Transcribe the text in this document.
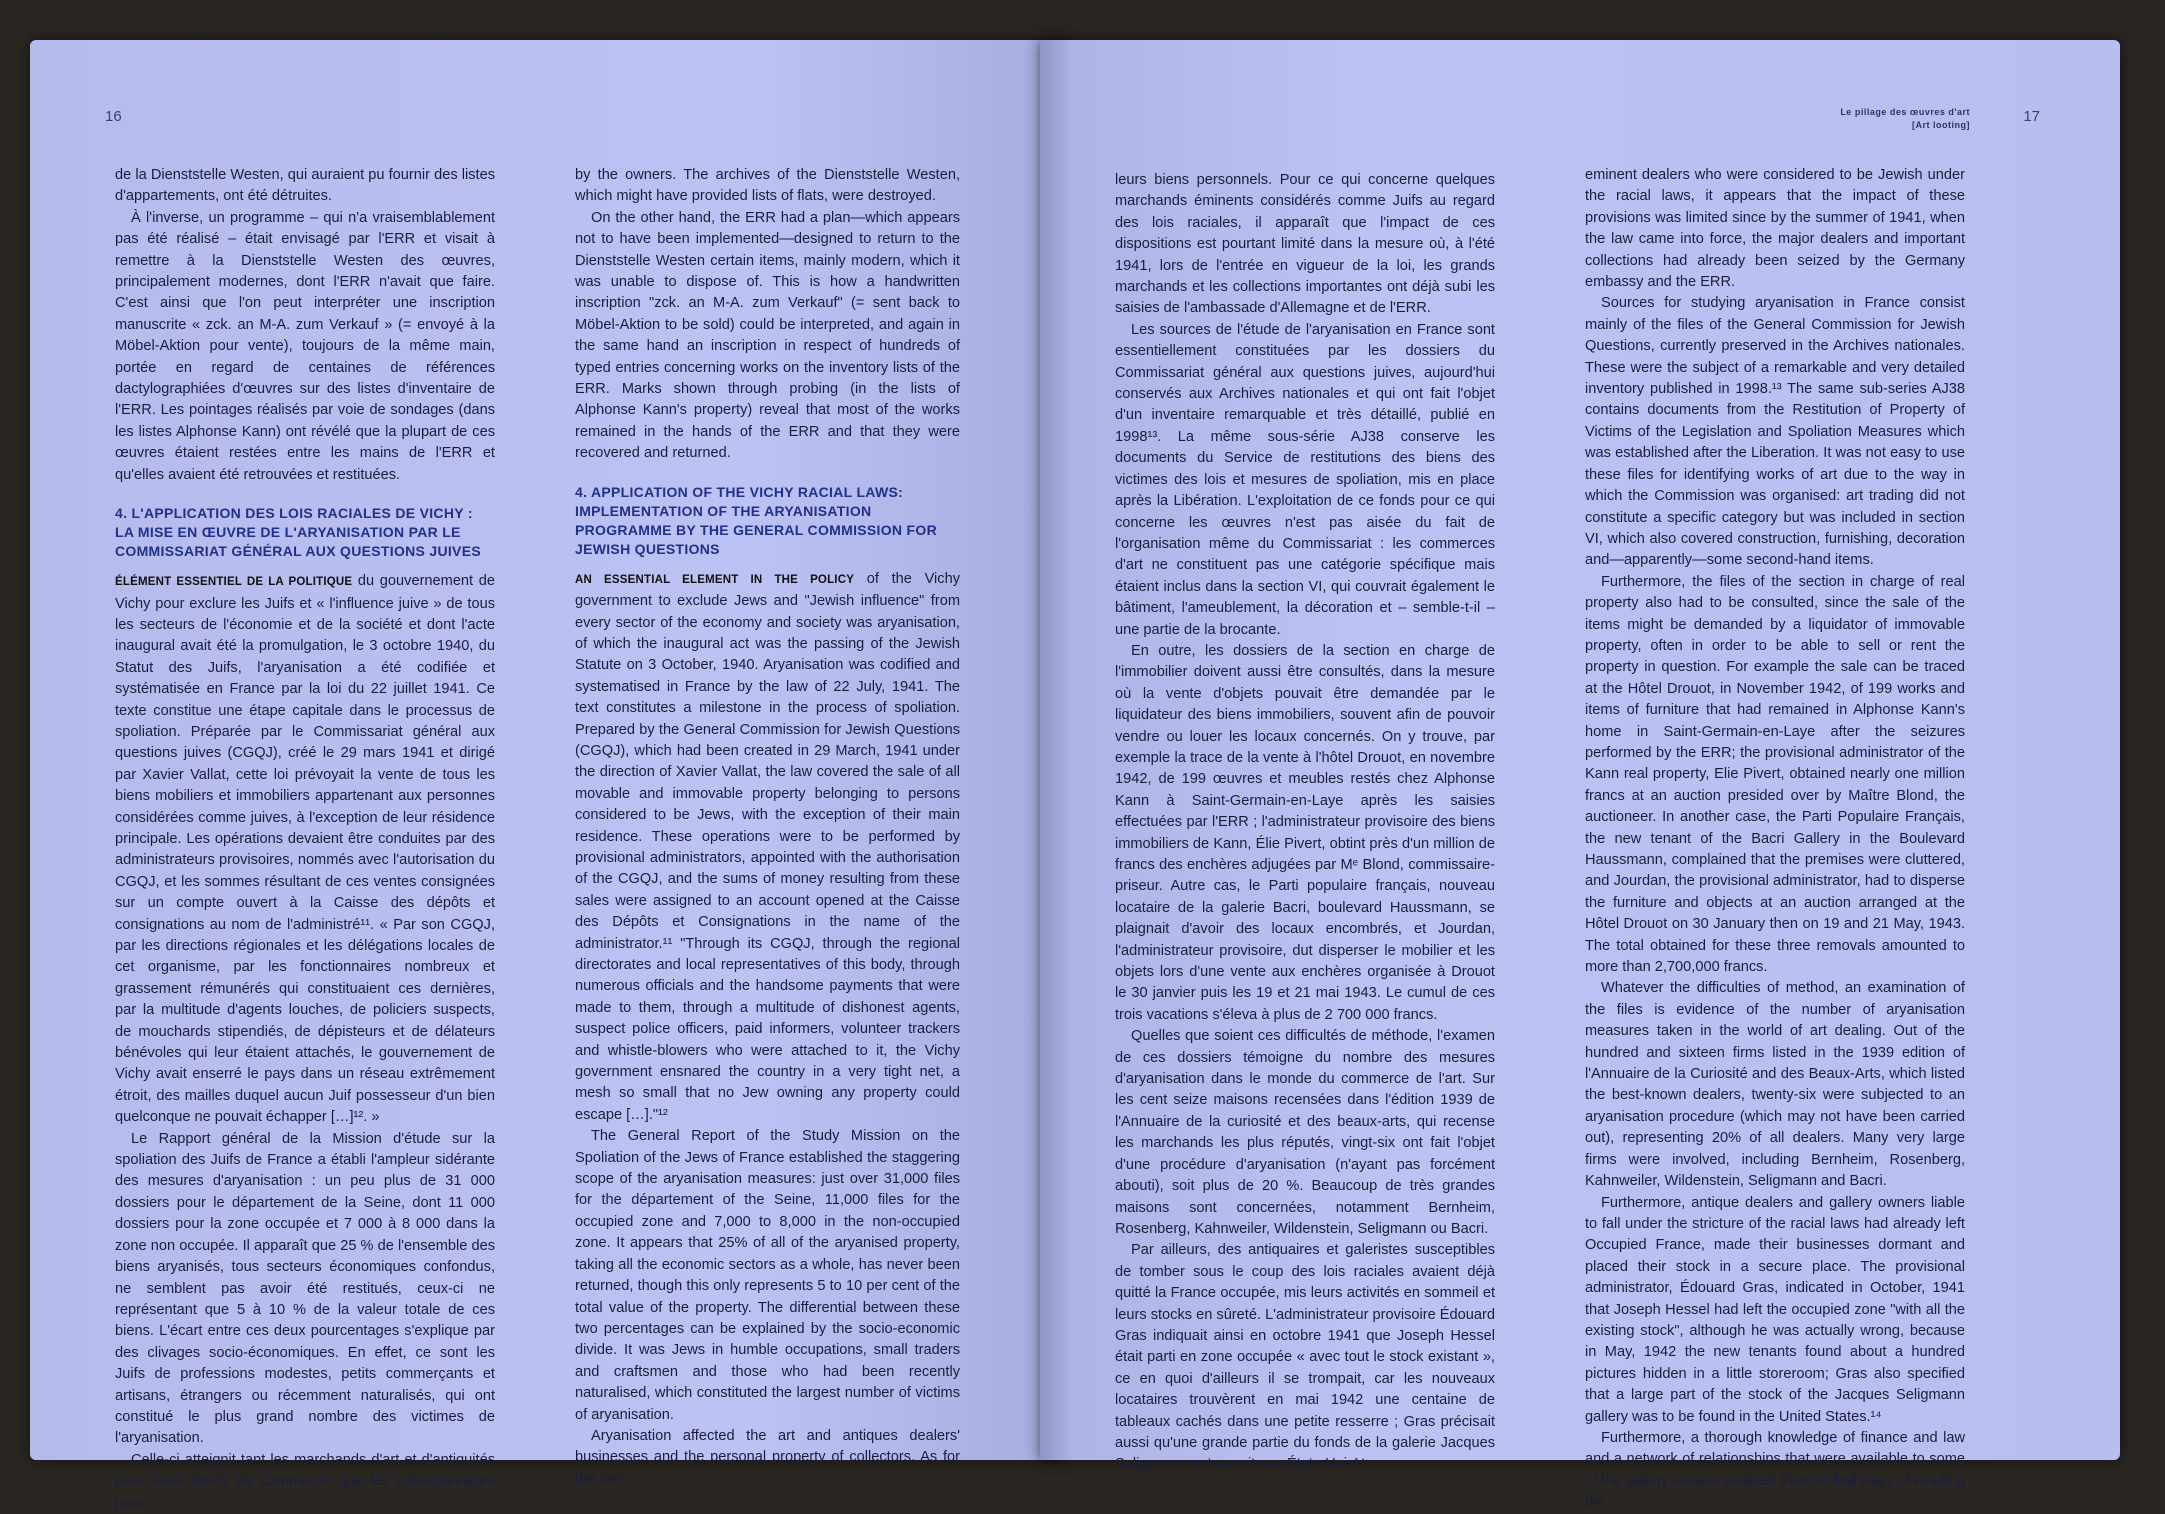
16

de la Dienststelle Westen, qui auraient pu fournir des listes d'appartements, ont été détruites.

À l'inverse, un programme – qui n'a vraisemblablement pas été réalisé – était envisagé par l'ERR et visait à remettre à la Dienststelle Westen des œuvres, principalement modernes, dont l'ERR n'avait que faire. C'est ainsi que l'on peut interpréter une inscription manuscrite « zck. an M-A. zum Verkauf » (= envoyé à la Möbel-Aktion pour vente), toujours de la même main, portée en regard de centaines de références dactylographiées d'œuvres sur des listes d'inventaire de l'ERR. Les pointages réalisés par voie de sondages (dans les listes Alphonse Kann) ont révélé que la plupart de ces œuvres étaient restées entre les mains de l'ERR et qu'elles avaient été retrouvées et restituées.

4. L'APPLICATION DES LOIS RACIALES DE VICHY : LA MISE EN ŒUVRE DE L'ARYANISATION PAR LE COMMISSARIAT GÉNÉRAL AUX QUESTIONS JUIVES

ÉLÉMENT ESSENTIEL DE LA POLITIQUE du gouvernement de Vichy pour exclure les Juifs et « l'influence juive » de tous les secteurs de l'économie et de la société et dont l'acte inaugural avait été la promulgation, le 3 octobre 1940, du Statut des Juifs, l'aryanisation a été codifiée et systématisée en France par la loi du 22 juillet 1941. Ce texte constitue une étape capitale dans le processus de spoliation. Préparée par le Commissariat général aux questions juives (CGQJ), créé le 29 mars 1941 et dirigé par Xavier Vallat, cette loi prévoyait la vente de tous les biens mobiliers et immobiliers appartenant aux personnes considérées comme juives, à l'exception de leur résidence principale. Les opérations devaient être conduites par des administrateurs provisoires, nommés avec l'autorisation du CGQJ, et les sommes résultant de ces ventes consignées sur un compte ouvert à la Caisse des dépôts et consignations au nom de l'administré¹¹. « Par son CGQJ, par les directions régionales et les délégations locales de cet organisme, par les fonctionnaires nombreux et grassement rémunérés qui constituaient ces dernières, par la multitude d'agents louches, de policiers suspects, de mouchards stipendiés, de dépisteurs et de délateurs bénévoles qui leur étaient attachés, le gouvernement de Vichy avait enserré le pays dans un réseau extrêmement étroit, des mailles duquel aucun Juif possesseur d'un bien quelconque ne pouvait échapper […]¹². »

Le Rapport général de la Mission d'étude sur la spoliation des Juifs de France a établi l'ampleur sidérante des mesures d'aryanisation : un peu plus de 31 000 dossiers pour le département de la Seine, dont 11 000 dossiers pour la zone occupée et 7 000 à 8 000 dans la zone non occupée. Il apparaît que 25 % de l'ensemble des biens aryanisés, tous secteurs économiques confondus, ne semblent pas avoir été restitués, ceux-ci ne représentant que 5 à 10 % de la valeur totale de ces biens. L'écart entre ces deux pourcentages s'explique par des clivages socio-économiques. En effet, ce sont les Juifs de professions modestes, petits commerçants et artisans, étrangers ou récemment naturalisés, qui ont constitué le plus grand nombre des victimes de l'aryanisation.

Celle-ci atteignit tant les marchands d'art et d'antiquités pour leurs fonds de commerce que les collectionneurs pour

by the owners. The archives of the Dienststelle Westen, which might have provided lists of flats, were destroyed.

On the other hand, the ERR had a plan—which appears not to have been implemented—designed to return to the Dienststelle Westen certain items, mainly modern, which it was unable to dispose of. This is how a handwritten inscription "zck. an M-A. zum Verkauf" (= sent back to Möbel-Aktion to be sold) could be interpreted, and again in the same hand an inscription in respect of hundreds of typed entries concerning works on the inventory lists of the ERR. Marks shown through probing (in the lists of Alphonse Kann's property) reveal that most of the works remained in the hands of the ERR and that they were recovered and returned.

4. APPLICATION OF THE VICHY RACIAL LAWS: IMPLEMENTATION OF THE ARYANISATION PROGRAMME BY THE GENERAL COMMISSION FOR JEWISH QUESTIONS

AN ESSENTIAL ELEMENT IN THE POLICY of the Vichy government to exclude Jews and "Jewish influence" from every sector of the economy and society was aryanisation, of which the inaugural act was the passing of the Jewish Statute on 3 October, 1940. Aryanisation was codified and systematised in France by the law of 22 July, 1941. The text constitutes a milestone in the process of spoliation. Prepared by the General Commission for Jewish Questions (CGQJ), which had been created in 29 March, 1941 under the direction of Xavier Vallat, the law covered the sale of all movable and immovable property belonging to persons considered to be Jews, with the exception of their main residence. These operations were to be performed by provisional administrators, appointed with the authorisation of the CGQJ, and the sums of money resulting from these sales were assigned to an account opened at the Caisse des Dépôts et Consignations in the name of the administrator.¹¹ "Through its CGQJ, through the regional directorates and local representatives of this body, through numerous officials and the handsome payments that were made to them, through a multitude of dishonest agents, suspect police officers, paid informers, volunteer trackers and whistle-blowers who were attached to it, the Vichy government ensnared the country in a very tight net, a mesh so small that no Jew owning any property could escape […]."¹²

The General Report of the Study Mission on the Spoliation of the Jews of France established the staggering scope of the aryanisation measures: just over 31,000 files for the département of the Seine, 11,000 files for the occupied zone and 7,000 to 8,000 in the non-occupied zone. It appears that 25% of all of the aryanised property, taking all the economic sectors as a whole, has never been returned, though this only represents 5 to 10 per cent of the total value of the property. The differential between these two percentages can be explained by the socio-economic divide. It was Jews in humble occupations, small traders and craftsmen and those who had been recently naturalised, which constituted the largest number of victims of aryanisation.

Aryanisation affected the art and antiques dealers' businesses and the personal property of collectors. As for the few

Le pillage des œuvres d'art
[Art looting]	17

leurs biens personnels. Pour ce qui concerne quelques marchands éminents considérés comme Juifs au regard des lois raciales, il apparaît que l'impact de ces dispositions est pourtant limité dans la mesure où, à l'été 1941, lors de l'entrée en vigueur de la loi, les grands marchands et les collections importantes ont déjà subi les saisies de l'ambassade d'Allemagne et de l'ERR.

Les sources de l'étude de l'aryanisation en France sont essentiellement constituées par les dossiers du Commissariat général aux questions juives, aujourd'hui conservés aux Archives nationales et qui ont fait l'objet d'un inventaire remarquable et très détaillé, publié en 1998¹³. La même sous-série AJ38 conserve les documents du Service de restitutions des biens des victimes des lois et mesures de spoliation, mis en place après la Libération. L'exploitation de ce fonds pour ce qui concerne les œuvres n'est pas aisée du fait de l'organisation même du Commissariat : les commerces d'art ne constituent pas une catégorie spécifique mais étaient inclus dans la section VI, qui couvrait également le bâtiment, l'ameublement, la décoration et – semble-t-il – une partie de la brocante.

En outre, les dossiers de la section en charge de l'immobilier doivent aussi être consultés, dans la mesure où la vente d'objets pouvait être demandée par le liquidateur des biens immobiliers, souvent afin de pouvoir vendre ou louer les locaux concernés. On y trouve, par exemple la trace de la vente à l'hôtel Drouot, en novembre 1942, de 199 œuvres et meubles restés chez Alphonse Kann à Saint-Germain-en-Laye après les saisies effectuées par l'ERR ; l'administrateur provisoire des biens immobiliers de Kann, Élie Pivert, obtint près d'un million de francs des enchères adjugées par Mᵉ Blond, commissaire-priseur. Autre cas, le Parti populaire français, nouveau locataire de la galerie Bacri, boulevard Haussmann, se plaignait d'avoir des locaux encombrés, et Jourdan, l'administrateur provisoire, dut disperser le mobilier et les objets lors d'une vente aux enchères organisée à Drouot le 30 janvier puis les 19 et 21 mai 1943. Le cumul de ces trois vacations s'éleva à plus de 2 700 000 francs.

Quelles que soient ces difficultés de méthode, l'examen de ces dossiers témoigne du nombre des mesures d'aryanisation dans le monde du commerce de l'art. Sur les cent seize maisons recensées dans l'édition 1939 de l'Annuaire de la curiosité et des beaux-arts, qui recense les marchands les plus réputés, vingt-six ont fait l'objet d'une procédure d'aryanisation (n'ayant pas forcément abouti), soit plus de 20 %. Beaucoup de très grandes maisons sont concernées, notamment Bernheim, Rosenberg, Kahnweiler, Wildenstein, Seligmann ou Bacri.

Par ailleurs, des antiquaires et galeristes susceptibles de tomber sous le coup des lois raciales avaient déjà quitté la France occupée, mis leurs activités en sommeil et leurs stocks en sûreté. L'administrateur provisoire Édouard Gras indiquait ainsi en octobre 1941 que Joseph Hessel était parti en zone occupée « avec tout le stock existant », ce en quoi d'ailleurs il se trompait, car les nouveaux locataires trouvèrent en mai 1942 une centaine de tableaux cachés dans une petite resserre ; Gras précisait aussi qu'une grande partie du fonds de la galerie Jacques Seligmann se trouvait aux États-Unis¹⁴.

eminent dealers who were considered to be Jewish under the racial laws, it appears that the impact of these provisions was limited since by the summer of 1941, when the law came into force, the major dealers and important collections had already been seized by the Germany embassy and the ERR.

Sources for studying aryanisation in France consist mainly of the files of the General Commission for Jewish Questions, currently preserved in the Archives nationales. These were the subject of a remarkable and very detailed inventory published in 1998.¹³ The same sub-series AJ38 contains documents from the Restitution of Property of Victims of the Legislation and Spoliation Measures which was established after the Liberation. It was not easy to use these files for identifying works of art due to the way in which the Commission was organised: art trading did not constitute a specific category but was included in section VI, which also covered construction, furnishing, decoration and—apparently—some second-hand items.

Furthermore, the files of the section in charge of real property also had to be consulted, since the sale of the items might be demanded by a liquidator of immovable property, often in order to be able to sell or rent the property in question. For example the sale can be traced at the Hôtel Drouot, in November 1942, of 199 works and items of furniture that had remained in Alphonse Kann's home in Saint-Germain-en-Laye after the seizures performed by the ERR; the provisional administrator of the Kann real property, Elie Pivert, obtained nearly one million francs at an auction presided over by Maître Blond, the auctioneer. In another case, the Parti Populaire Français, the new tenant of the Bacri Gallery in the Boulevard Haussmann, complained that the premises were cluttered, and Jourdan, the provisional administrator, had to disperse the furniture and objects at an auction arranged at the Hôtel Drouot on 30 January then on 19 and 21 May, 1943. The total obtained for these three removals amounted to more than 2,700,000 francs.

Whatever the difficulties of method, an examination of the files is evidence of the number of aryanisation measures taken in the world of art dealing. Out of the hundred and sixteen firms listed in the 1939 edition of l'Annuaire de la Curiosité and des Beaux-Arts, which listed the best-known dealers, twenty-six were subjected to an aryanisation procedure (which may not have been carried out), representing 20% of all dealers. Many very large firms were involved, including Bernheim, Rosenberg, Kahnweiler, Wildenstein, Seligmann and Bacri.

Furthermore, antique dealers and gallery owners liable to fall under the stricture of the racial laws had already left Occupied France, made their businesses dormant and placed their stock in a secure place. The provisional administrator, Édouard Gras, indicated in October, 1941 that Joseph Hessel had left the occupied zone "with all the existing stock", although he was actually wrong, because in May, 1942 the new tenants found about a hundred pictures hidden in a little storeroom; Gras also specified that a large part of the stock of the Jacques Seligmann gallery was to be found in the United States.¹⁴

Furthermore, a thorough knowledge of finance and law and a network of relationships that were available to some of the gallery owners enabled them to find ways of evading the
